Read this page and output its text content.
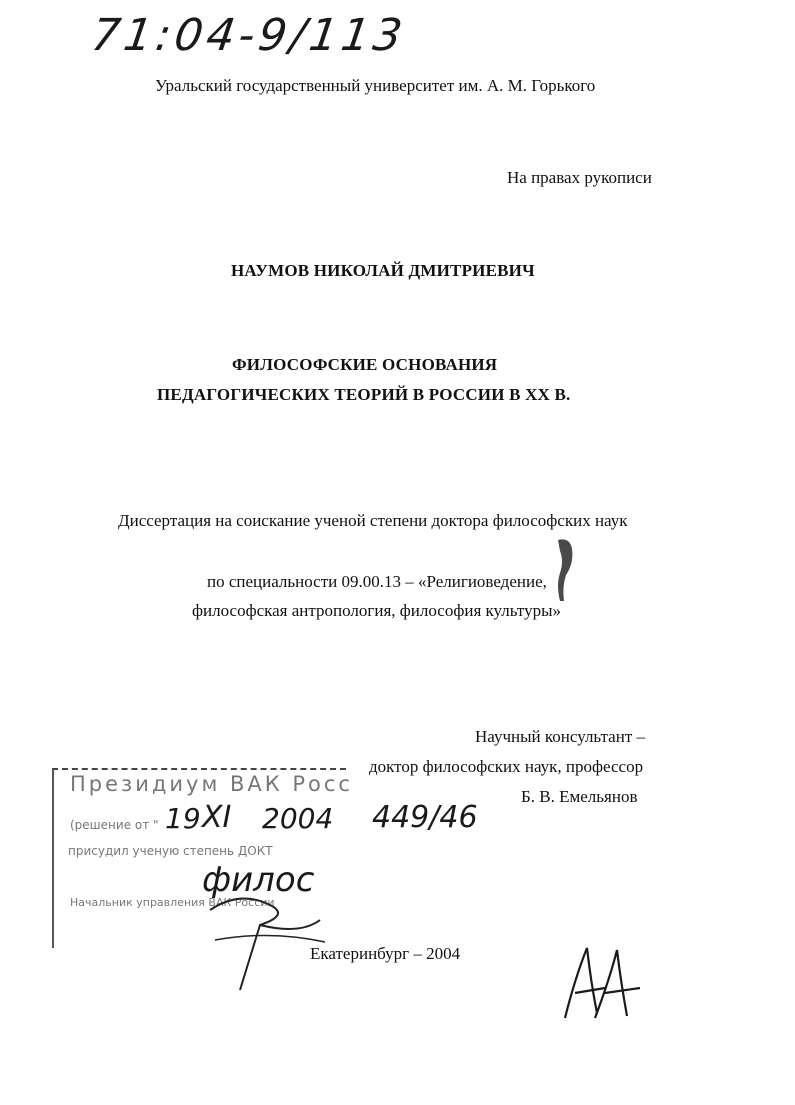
71:04-9/113
Уральский государственный университет им. А. М. Горького
На правах рукописи
НАУМОВ НИКОЛАЙ ДМИТРИЕВИЧ
ФИЛОСОФСКИЕ ОСНОВАНИЯ
ПЕДАГОГИЧЕСКИХ ТЕОРИЙ В РОССИИ В XX В.
Диссертация на соискание ученой степени доктора философских наук
по специальности 09.00.13 – «Религиоведение,
философская антропология, философия культуры»
Научный консультант –
доктор философских наук, профессор
Б. В. Емельянов
Президиум ВАК Росс
(решение от " 19 XI 2004 449/46
присудил ученую степень ДОКТ
филос
Начальник управления ВАК России
Екатеринбург – 2004
